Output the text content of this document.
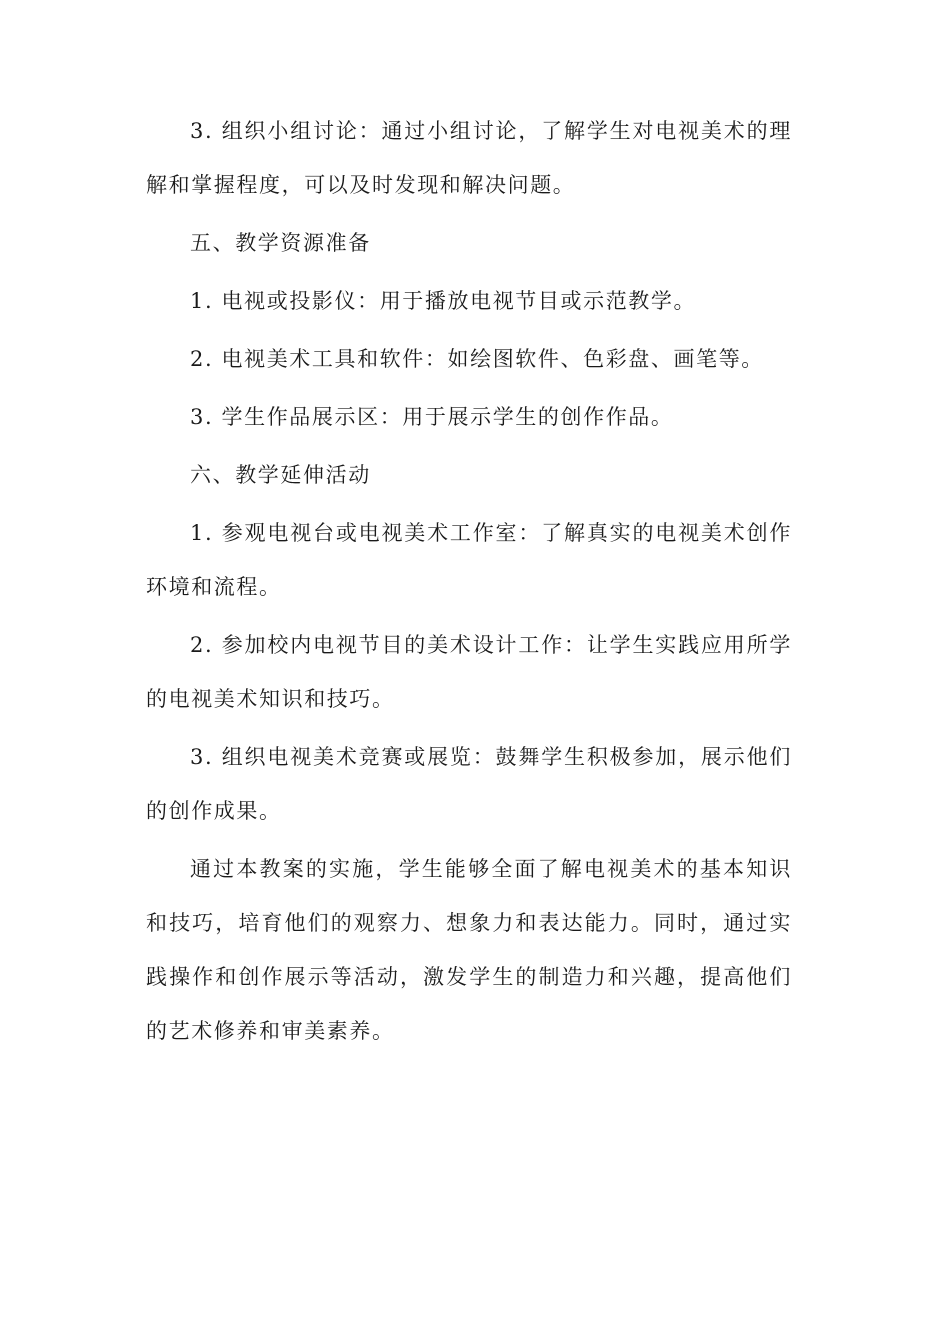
3. 组织小组讨论：通过小组讨论，了解学生对电视美术的理解和掌握程度，可以及时发现和解决问题。

五、教学资源准备

1. 电视或投影仪：用于播放电视节目或示范教学。

2. 电视美术工具和软件：如绘图软件、色彩盘、画笔等。

3. 学生作品展示区：用于展示学生的创作作品。

六、教学延伸活动

1. 参观电视台或电视美术工作室：了解真实的电视美术创作环境和流程。

2. 参加校内电视节目的美术设计工作：让学生实践应用所学的电视美术知识和技巧。

3. 组织电视美术竞赛或展览：鼓舞学生积极参加，展示他们的创作成果。

通过本教案的实施，学生能够全面了解电视美术的基本知识和技巧，培育他们的观察力、想象力和表达能力。同时，通过实践操作和创作展示等活动，激发学生的制造力和兴趣，提高他们的艺术修养和审美素养。
